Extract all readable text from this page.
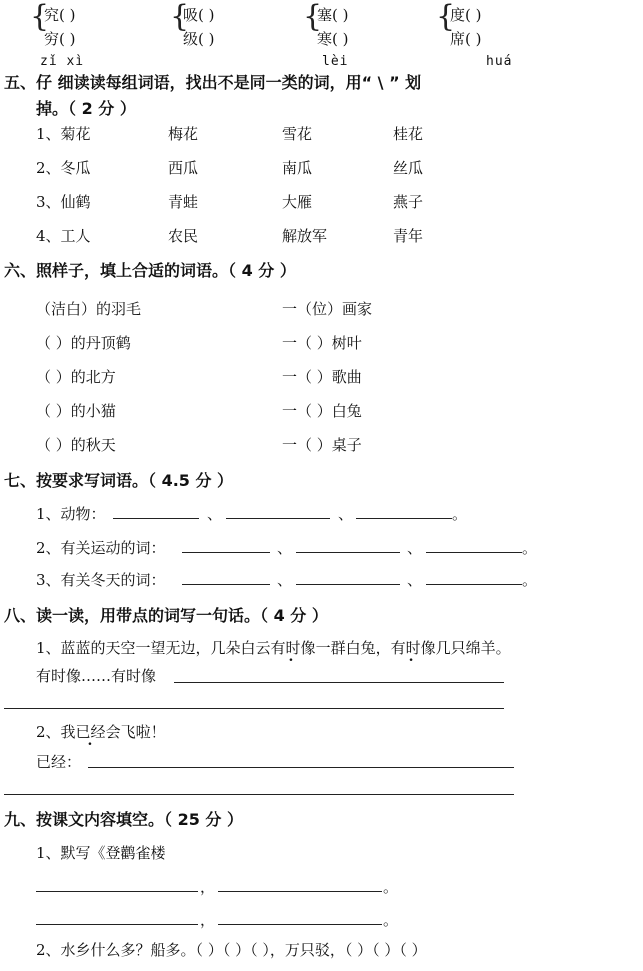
{
究( )
穷( )
{
吸( )
级( )
{
塞( )
寒( )
{
度( )
席( )
zǐ xì	lèi	huá
五、仔 细读读每组词语，找出不是同一类的词，用“ \ ” 划
掉。（ 2 分 ）
1、菊花	梅花	雪花	桂花
2、冬瓜	西瓜	南瓜	丝瓜
3、仙鹤	青蛙	大雁	燕子
4、工人	农民	解放军	青年
六、照样子，填上合适的词语。（ 4 分 ）
（洁白）的羽毛	一（位）画家
（ ）的丹顶鹤	一（ ）树叶
（ ）的北方	一（ ）歌曲
（ ）的小猫	一（ ）白兔
（ ）的秋天	一（ ）桌子
七、按要求写词语。（ 4.5 分 ）
1、动物：	、	、	。
2、有关运动的词：	、	、	。
3、有关冬天的词：	、	、	。
八、读一读，用带点的词写一句话。（ 4 分 ）
1、蓝蓝的天空一望无边，几朵白云有时像一群白兔，有时像几只绵羊。
有时像……有时像
2、我已经会飞啦！
已经：
九、按课文内容填空。（ 25 分 ）
1、默写《登鹳雀楼
，	。
，	。
2、水乡什么多？船多。（ ）（ ）（ ），万只驳，（ ）（ ）（ ）
